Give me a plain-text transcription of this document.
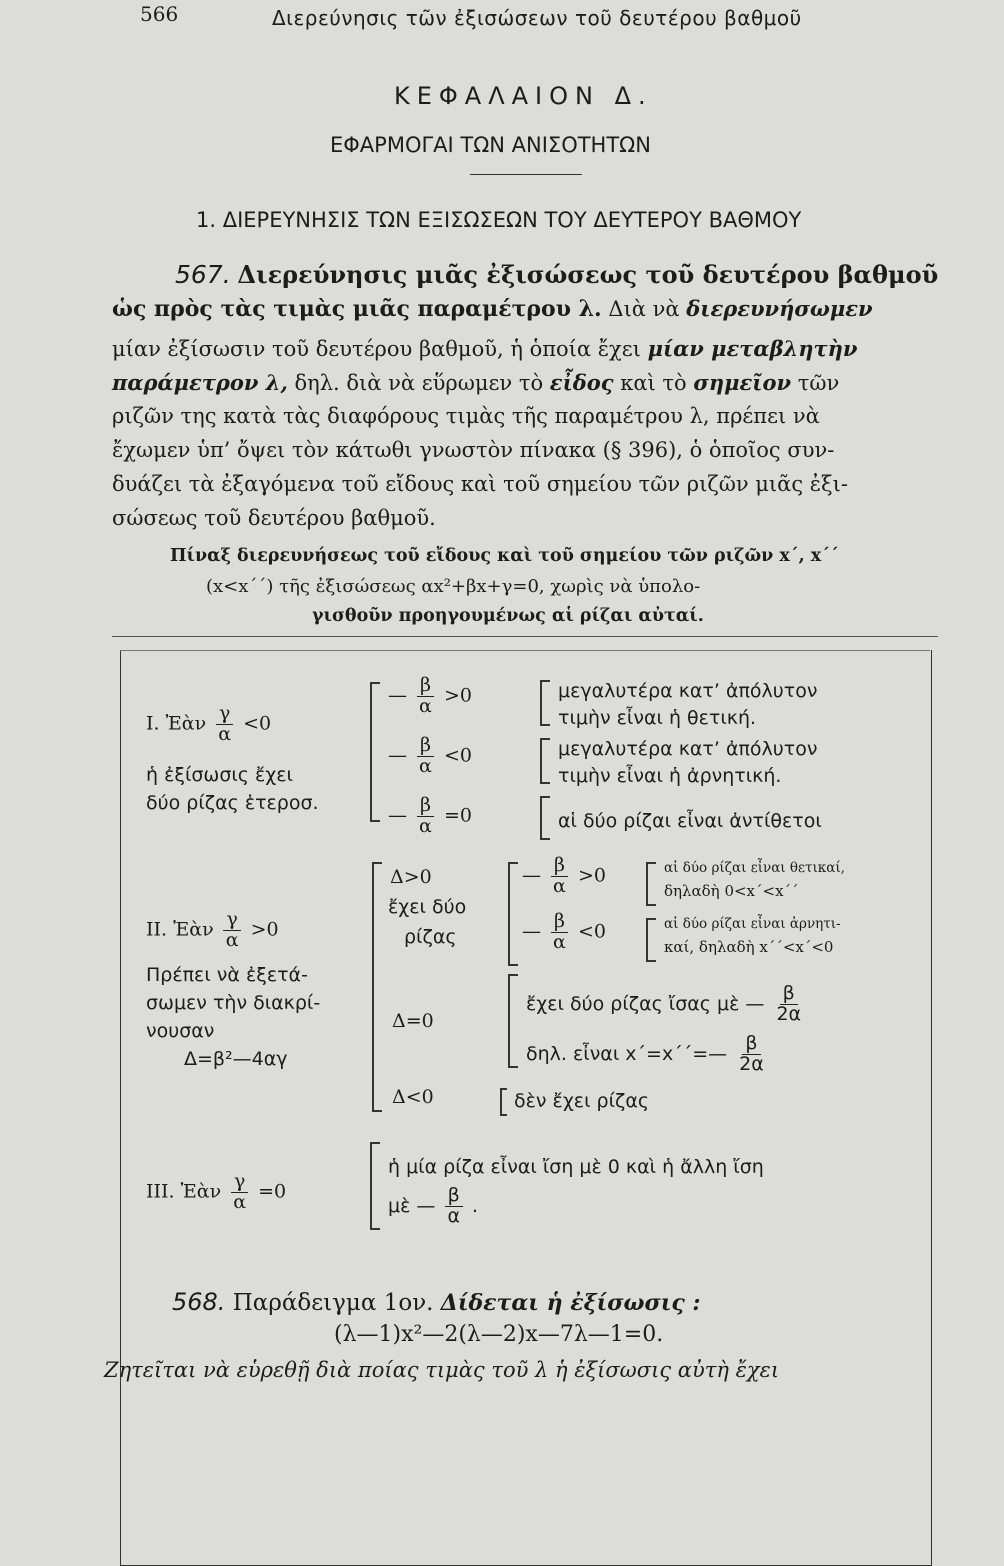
566	Διερεύνησις τῶν ἐξισώσεων τοῦ δευτέρου βαθμοῦ
ΚΕΦΑΛΑΙΟΝ Δ.
ΕΦΑΡΜΟΓΑΙ ΤΩΝ ΑΝΙΣΟΤΗΤΩΝ
1. ΔΙΕΡΕΥΝΗΣΙΣ ΤΩΝ ΕΞΙΣΩΣΕΩΝ ΤΟΥ ΔΕΥΤΕΡΟΥ ΒΑΘΜΟΥ
567. Διερεύνησις μιᾶς ἐξισώσεως τοῦ δευτέρου βαθμοῦ
ὡς πρὸς τὰς τιμὰς μιᾶς παραμέτρου λ. Διὰ νὰ διερευνήσωμεν
μίαν ἐξίσωσιν τοῦ δευτέρου βαθμοῦ, ἡ ὁποία ἔχει μίαν μεταβλητὴν
παράμετρον λ, δηλ. διὰ νὰ εὕρωμεν τὸ εἶδος καὶ τὸ σημεῖον τῶν
ριζῶν της κατὰ τὰς διαφόρους τιμὰς τῆς παραμέτρου λ, πρέπει νὰ
ἔχωμεν ὑπ’ ὄψει τὸν κάτωθι γνωστὸν πίνακα (§ 396), ὁ ὁποῖος συν-
δυάζει τὰ ἐξαγόμενα τοῦ εἴδους καὶ τοῦ σημείου τῶν ριζῶν μιᾶς ἐξι-
σώσεως τοῦ δευτέρου βαθμοῦ.
Πίναξ διερευνήσεως τοῦ εἴδους καὶ τοῦ σημείου τῶν ριζῶν x΄, x΄΄
(x<x΄΄) τῆς ἐξισώσεως αx²+βx+γ=0, χωρὶς νὰ ὑπολο-
γισθοῦν προηγουμένως αἱ ρίζαι αὐταί.
I. Ἐὰν $\frac{\gamma}{\alpha} <0$
ἡ ἐξίσωσις ἔχει
δύο ρίζας ἑτεροσ.
— $\frac{\beta}{\alpha} >0$	μεγαλυτέρα κατ’ ἀπόλυτον
τιμὴν εἶναι ἡ θετική.
— $\frac{\beta}{\alpha} <0$	μεγαλυτέρα κατ’ ἀπόλυτον
τιμὴν εἶναι ἡ ἀρνητική.
— $\frac{\beta}{\alpha} =0$	αἱ δύο ρίζαι εἶναι ἀντίθετοι
II. Ἐὰν $\frac{\gamma}{\alpha} >0$
Πρέπει νὰ ἐξετά-
σωμεν τὴν διακρί-
νουσαν
Δ=β²—4αγ
Δ>0
ἔχει δύο
ρίζας
— $\frac{\beta}{\alpha} >0$	αἱ δύο ρίζαι εἶναι θετικαί,
δηλαδὴ 0<x΄<x΄΄
— $\frac{\beta}{\alpha} <0$	αἱ δύο ρίζαι εἶναι ἀρνητι-
καί, δηλαδὴ x΄΄<x΄<0
Δ=0
ἔχει δύο ρίζας ἴσας μὲ — $\frac{\beta}{2\alpha}$
δηλ. εἶναι x΄=x΄΄=— $\frac{\beta}{2\alpha}$
Δ<0	δὲν ἔχει ρίζας
III. Ἐὰν $\frac{\gamma}{\alpha} =0$
ἡ μία ρίζα εἶναι ἴση μὲ 0 καὶ ἡ ἄλλη ἴση
μὲ — $\frac{\beta}{\alpha}$ .
568. Παράδειγμα 1ον. Δίδεται ἡ ἐξίσωσις :
(λ—1)x²—2(λ—2)x—7λ—1=0.
Ζητεῖται νὰ εὑρεθῇ διὰ ποίας τιμὰς τοῦ λ ἡ ἐξίσωσις αὐτὴ ἔχει
